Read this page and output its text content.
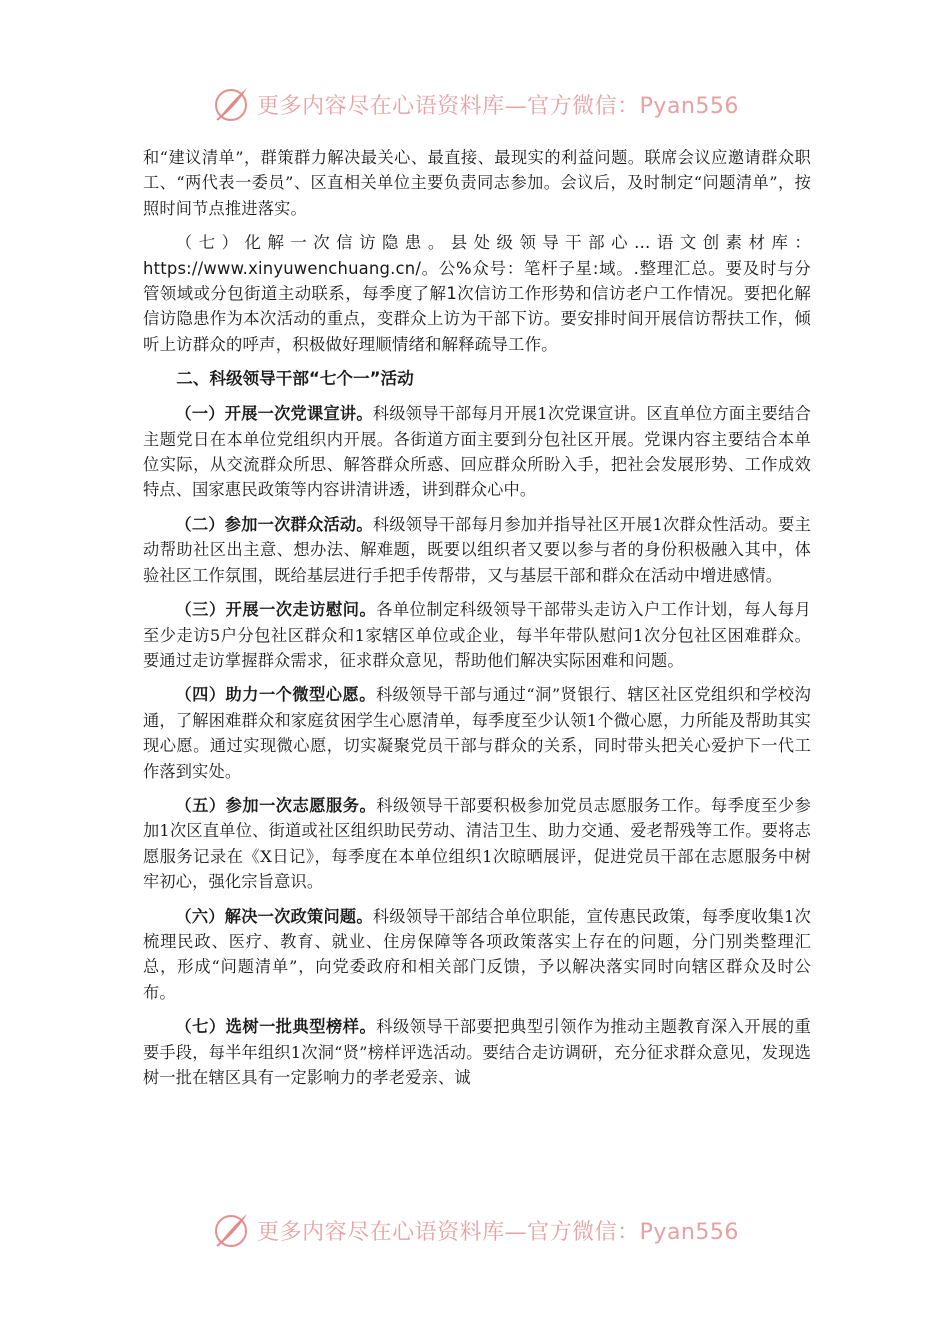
更多内容尽在心语资料库—官方微信：Pyan556

和“建议清单”，群策群力解决最关心、最直接、最现实的利益问题。联席会议应邀请群众职工、“两代表一委员”、区直相关单位主要负责同志参加。会议后，及时制定“问题清单”，按照时间节点推进落实。

（七）化解一次信访隐患。县处级领导干部心…语文创素材库：https://www.xinyuwenchuang.cn/。公%众号：笔杆子星:域。.整理汇总。要及时与分管领域或分包街道主动联系，每季度了解1次信访工作形势和信访老户工作情况。要把化解信访隐患作为本次活动的重点，变群众上访为干部下访。要安排时间开展信访帮扶工作，倾听上访群众的呼声，积极做好理顺情绪和解释疏导工作。

二、科级领导干部“七个一”活动

（一）开展一次党课宣讲。科级领导干部每月开展1次党课宣讲。区直单位方面主要结合主题党日在本单位党组织内开展。各街道方面主要到分包社区开展。党课内容主要结合本单位实际，从交流群众所思、解答群众所惑、回应群众所盼入手，把社会发展形势、工作成效特点、国家惠民政策等内容讲清讲透，讲到群众心中。

（二）参加一次群众活动。科级领导干部每月参加并指导社区开展1次群众性活动。要主动帮助社区出主意、想办法、解难题，既要以组织者又要以参与者的身份积极融入其中，体验社区工作氛围，既给基层进行手把手传帮带，又与基层干部和群众在活动中增进感情。

（三）开展一次走访慰问。各单位制定科级领导干部带头走访入户工作计划，每人每月至少走访5户分包社区群众和1家辖区单位或企业，每半年带队慰问1次分包社区困难群众。要通过走访掌握群众需求，征求群众意见，帮助他们解决实际困难和问题。

（四）助力一个微型心愿。科级领导干部与通过“洞”贤银行、辖区社区党组织和学校沟通，了解困难群众和家庭贫困学生心愿清单，每季度至少认领1个微心愿，力所能及帮助其实现心愿。通过实现微心愿，切实凝聚党员干部与群众的关系，同时带头把关心爱护下一代工作落到实处。

（五）参加一次志愿服务。科级领导干部要积极参加党员志愿服务工作。每季度至少参加1次区直单位、街道或社区组织助民劳动、清洁卫生、助力交通、爱老帮残等工作。要将志愿服务记录在《X日记》，每季度在本单位组织1次晾晒展评，促进党员干部在志愿服务中树牢初心，强化宗旨意识。

（六）解决一次政策问题。科级领导干部结合单位职能，宣传惠民政策，每季度收集1次梳理民政、医疗、教育、就业、住房保障等各项政策落实上存在的问题，分门别类整理汇总，形成“问题清单”，向党委政府和相关部门反馈，予以解决落实同时向辖区群众及时公布。

（七）选树一批典型榜样。科级领导干部要把典型引领作为推动主题教育深入开展的重要手段，每半年组织1次洞“贤”榜样评选活动。要结合走访调研，充分征求群众意见，发现选树一批在辖区具有一定影响力的孝老爱亲、诚

更多内容尽在心语资料库—官方微信：Pyan556
